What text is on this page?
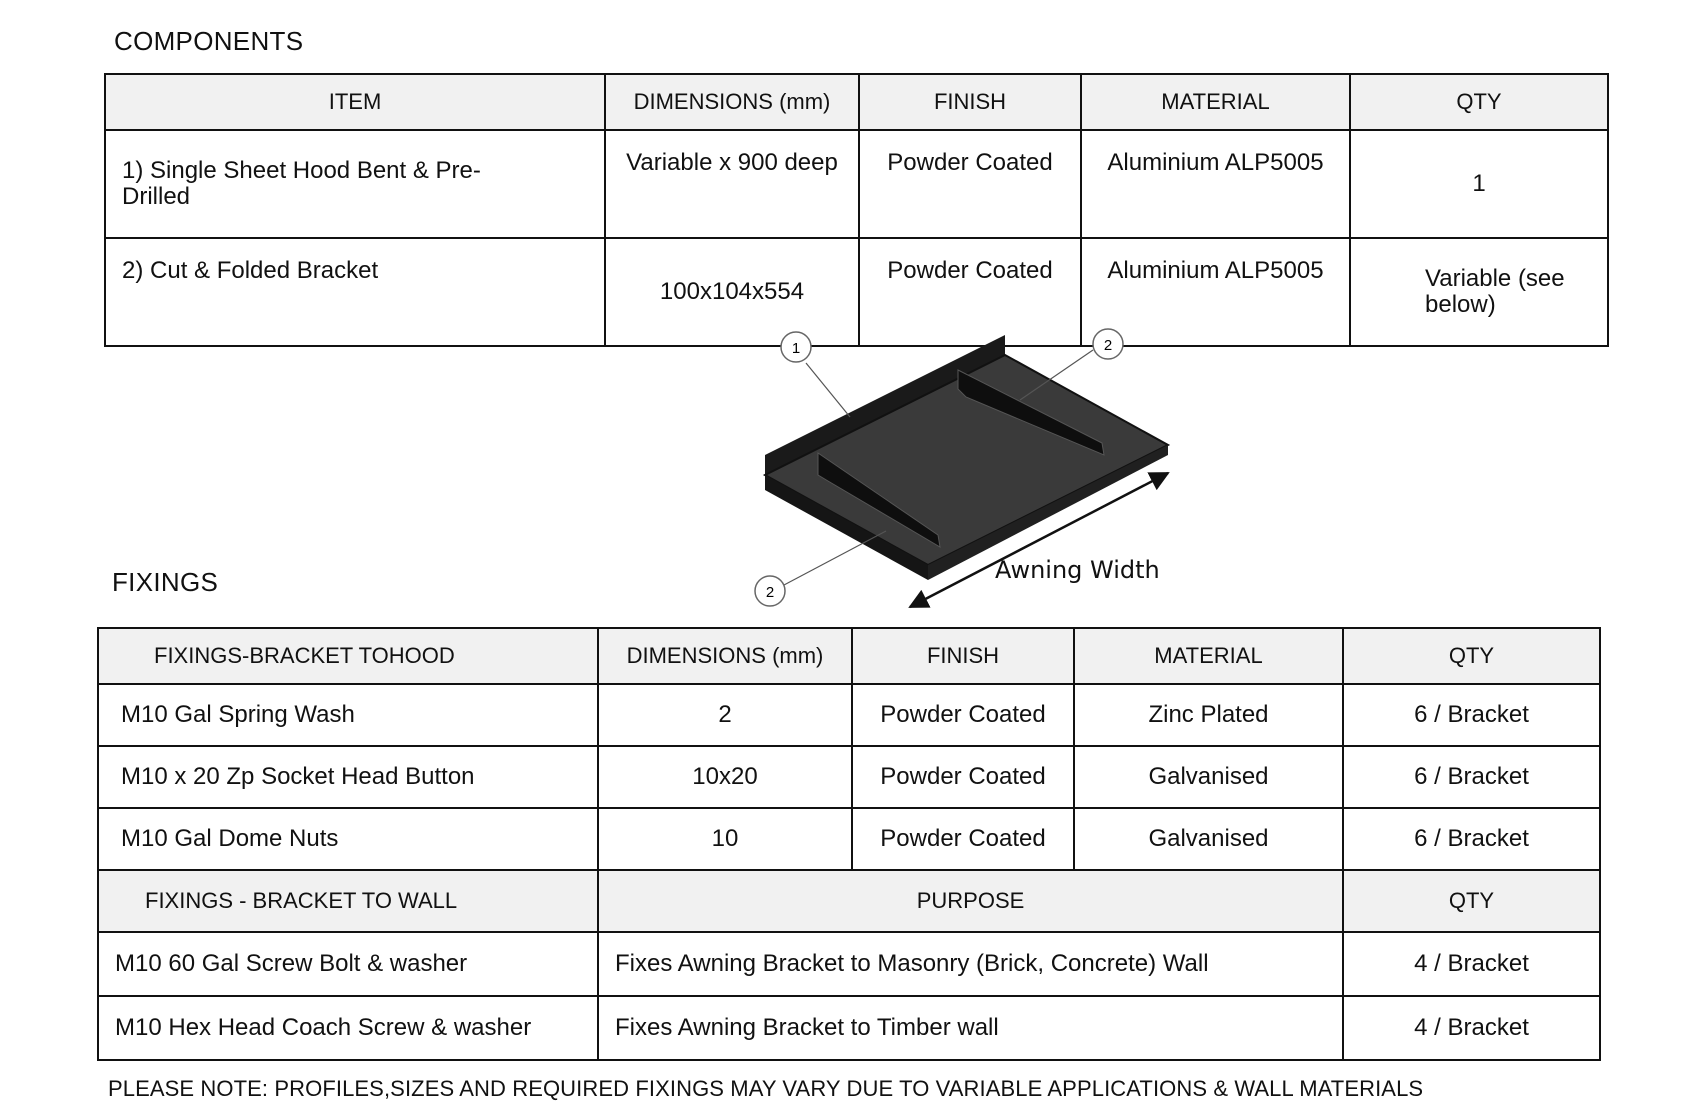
COMPONENTS
ITEM	DIMENSIONS (mm)	FINISH	MATERIAL	QTY

1) Single Sheet Hood Bent & Pre-Drilled	Variable x 900 deep	Powder Coated	Aluminium ALP5005	1
2) Cut & Folded Bracket	100x104x554	Powder Coated	Aluminium ALP5005	Variable (see below)
Awning Width
1	2
2
FIXINGS
FIXINGS-BRACKET TOHOOD	DIMENSIONS (mm)	FINISH	MATERIAL	QTY
M10 Gal Spring Wash	2	Powder Coated	Zinc Plated	6 / Bracket
M10 x 20 Zp Socket Head Button	10x20	Powder Coated	Galvanised	6 / Bracket
M10 Gal Dome Nuts	10	Powder Coated	Galvanised	6 / Bracket
FIXINGS - BRACKET TO WALL	PURPOSE			QTY
M10 60 Gal Screw Bolt & washer	Fixes Awning Bracket to Masonry (Brick, Concrete) Wall			4 / Bracket
M10 Hex Head Coach Screw & washer	Fixes Awning Bracket to Timber wall			4 / Bracket
PLEASE NOTE: PROFILES,SIZES AND REQUIRED FIXINGS MAY VARY DUE TO VARIABLE APPLICATIONS & WALL MATERIALS
